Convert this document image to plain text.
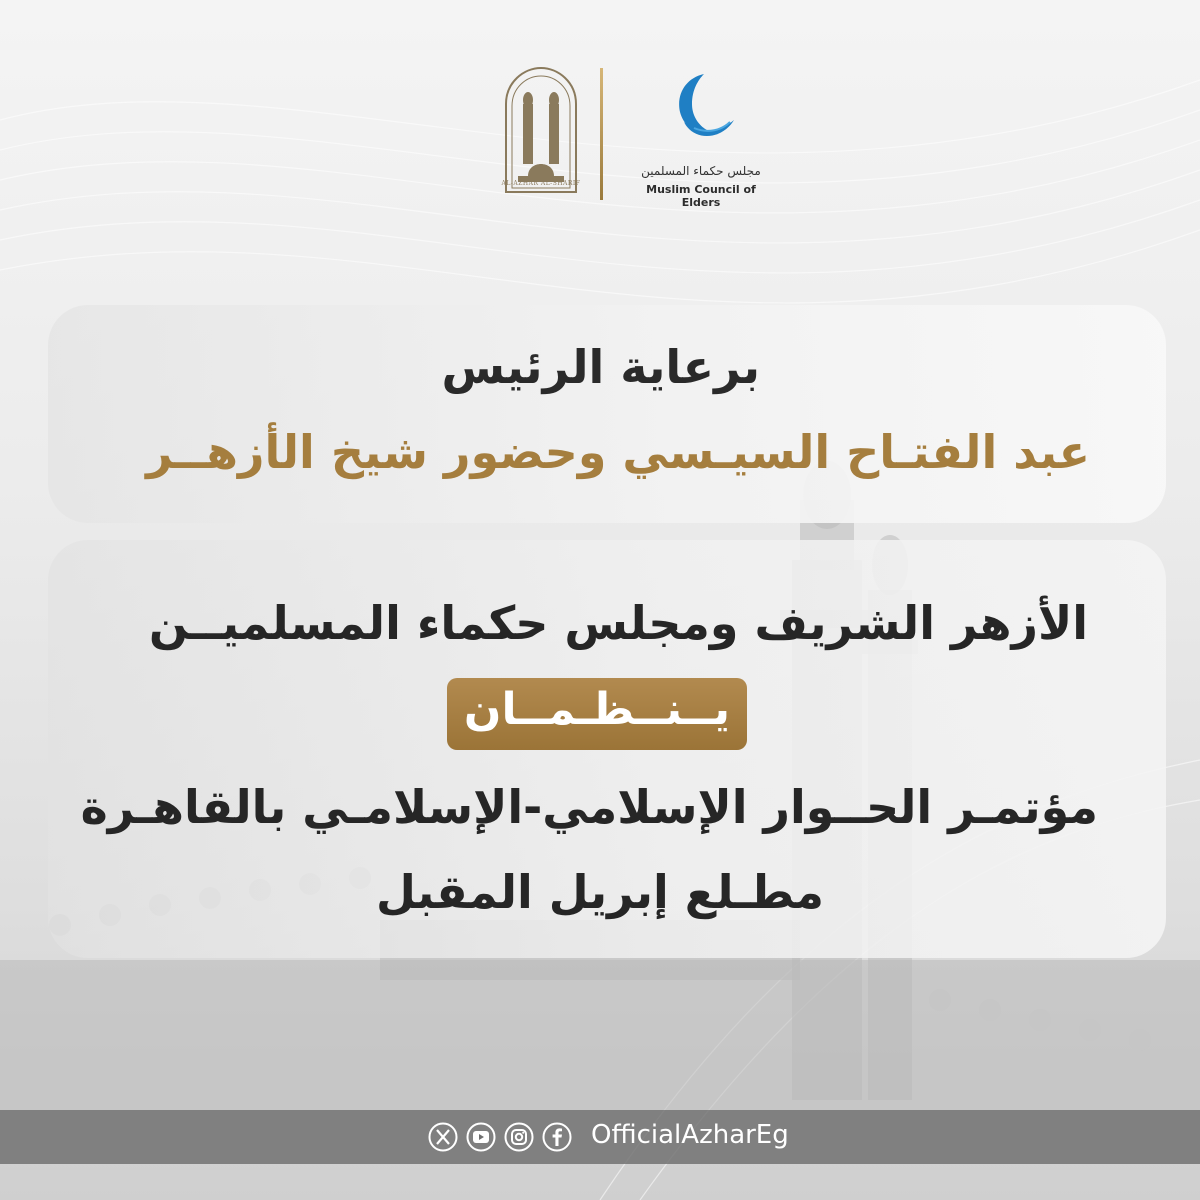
AL-AZHAR AL-SHARIF
مجلس حكماء المسلمين
Muslim Council of Elders
برعاية الرئيس
عبد الفتـاح السيـسي وحضور شيخ الأزهــر
الأزهر الشريف ومجلس حكماء المسلميــن
يــنــظـمــان
مؤتمـر الحــوار الإسلامي-الإسلامـي بالقاهـرة
مطـلع إبريل المقبل
OfficialAzharEg
